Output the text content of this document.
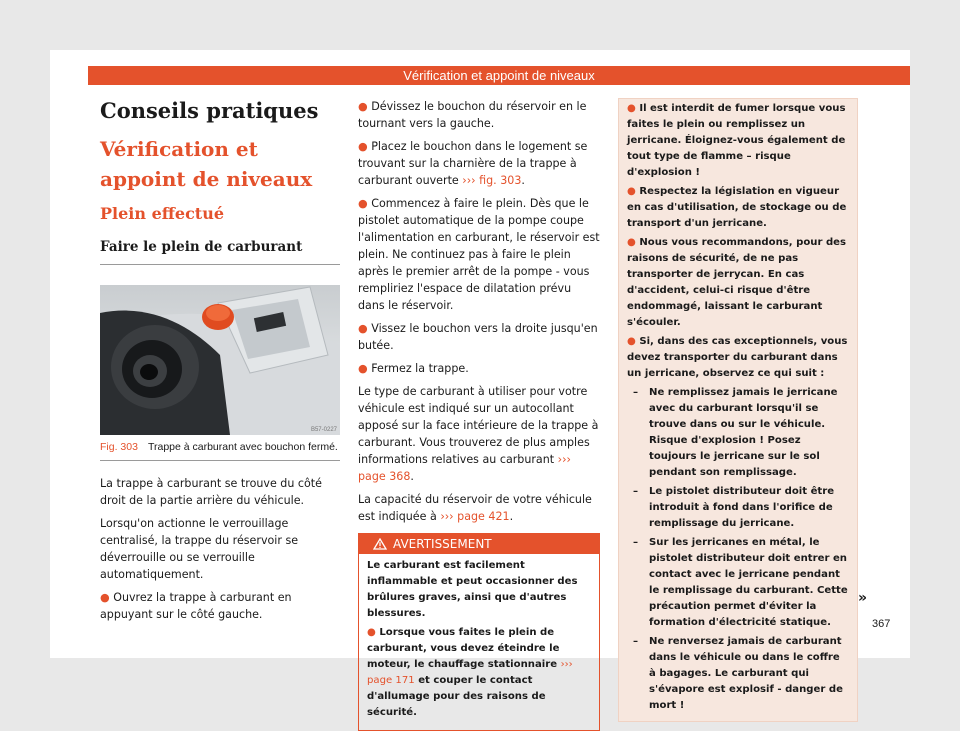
Vérification et appoint de niveaux
Conseils pratiques
Vérification et appoint de niveaux
Plein effectué
Faire le plein de carburant
B57-0227
Fig. 303 Trappe à carburant avec bouchon fermé.

La trappe à carburant se trouve du côté droit de la partie arrière du véhicule.

Lorsqu'on actionne le verrouillage centralisé, la trappe du réservoir se déverrouille ou se verrouille automatiquement.

● Ouvrez la trappe à carburant en appuyant sur le côté gauche.

● Dévissez le bouchon du réservoir en le tournant vers la gauche.

● Placez le bouchon dans le logement se trouvant sur la charnière de la trappe à carburant ouverte ››› fig. 303.

● Commencez à faire le plein. Dès que le pistolet automatique de la pompe coupe l'alimentation en carburant, le réservoir est plein. Ne continuez pas à faire le plein après le premier arrêt de la pompe - vous rempliriez l'espace de dilatation prévu dans le réservoir.

● Vissez le bouchon vers la droite jusqu'en butée.

● Fermez la trappe.

Le type de carburant à utiliser pour votre véhicule est indiqué sur un autocollant apposé sur la face intérieure de la trappe à carburant. Vous trouverez de plus amples informations relatives au carburant ››› page 368.

La capacité du réservoir de votre véhicule est indiquée à ››› page 421.

AVERTISSEMENT

Le carburant est facilement inflammable et peut occasionner des brûlures graves, ainsi que d'autres blessures.

● Lorsque vous faites le plein de carburant, vous devez éteindre le moteur, le chauffage stationnaire ››› page 171 et couper le contact d'allumage pour des raisons de sécurité.

● Il est interdit de fumer lorsque vous faites le plein ou remplissez un jerricane. Éloignez-vous également de tout type de flamme – risque d'explosion !

● Respectez la législation en vigueur en cas d'utilisation, de stockage ou de transport d'un jerricane.

● Nous vous recommandons, pour des raisons de sécurité, de ne pas transporter de jerrycan. En cas d'accident, celui-ci risque d'être endommagé, laissant le carburant s'écouler.

● Si, dans des cas exceptionnels, vous devez transporter du carburant dans un jerricane, observez ce qui suit :

–	Ne remplissez jamais le jerricane avec du carburant lorsqu'il se trouve dans ou sur le véhicule. Risque d'explosion ! Posez toujours le jerricane sur le sol pendant son remplissage.
–	Le pistolet distributeur doit être introduit à fond dans l'orifice de remplissage du jerricane.
–	Sur les jerricanes en métal, le pistolet distributeur doit entrer en contact avec le jerricane pendant le remplissage du carburant. Cette précaution permet d'éviter la formation d'électricité statique.
–	Ne renversez jamais de carburant dans le véhicule ou dans le coffre à bagages. Le carburant qui s'évapore est explosif - danger de mort !
»
367
